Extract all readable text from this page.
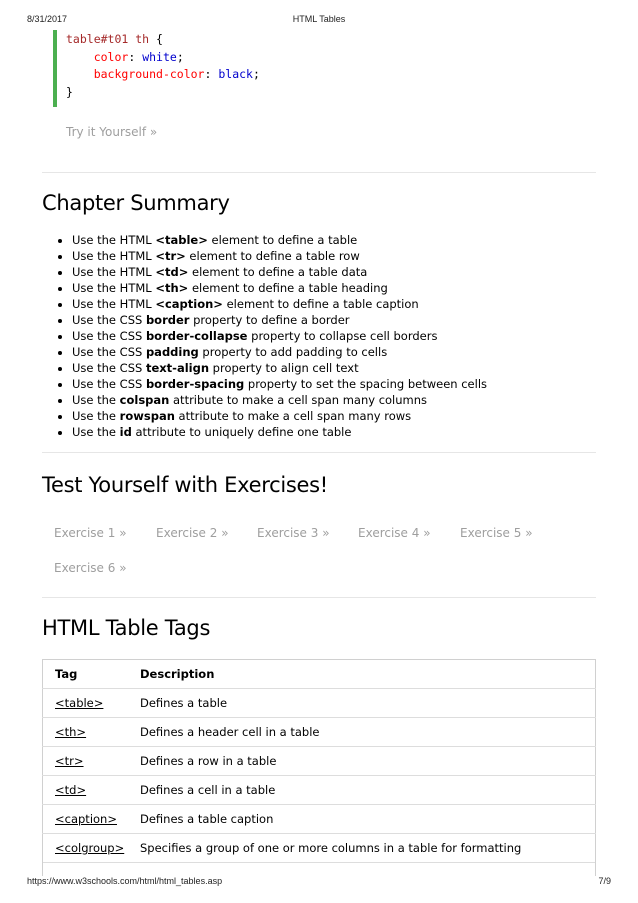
8/31/2017	HTML Tables
table#t01 th {
color: white;
background-color: black;
}
Try it Yourself »
Chapter Summary
• Use the HTML <table> element to define a table
• Use the HTML <tr> element to define a table row
• Use the HTML <td> element to define a table data
• Use the HTML <th> element to define a table heading
• Use the HTML <caption> element to define a table caption
• Use the CSS border property to define a border
• Use the CSS border-collapse property to collapse cell borders
• Use the CSS padding property to add padding to cells
• Use the CSS text-align property to align cell text
• Use the CSS border-spacing property to set the spacing between cells
• Use the colspan attribute to make a cell span many columns
• Use the rowspan attribute to make a cell span many rows
• Use the id attribute to uniquely define one table
Test Yourself with Exercises!
Exercise 1 » Exercise 2 » Exercise 3 » Exercise 4 » Exercise 5 »
Exercise 6 »
HTML Table Tags
Tag	Description
<table>	Defines a table
<th>	Defines a header cell in a table
<tr>	Defines a row in a table
<td>	Defines a cell in a table
<caption>	Defines a table caption
<colgroup>	Specifies a group of one or more columns in a table for formatting
https://www.w3schools.com/html/html_tables.asp	7/9
